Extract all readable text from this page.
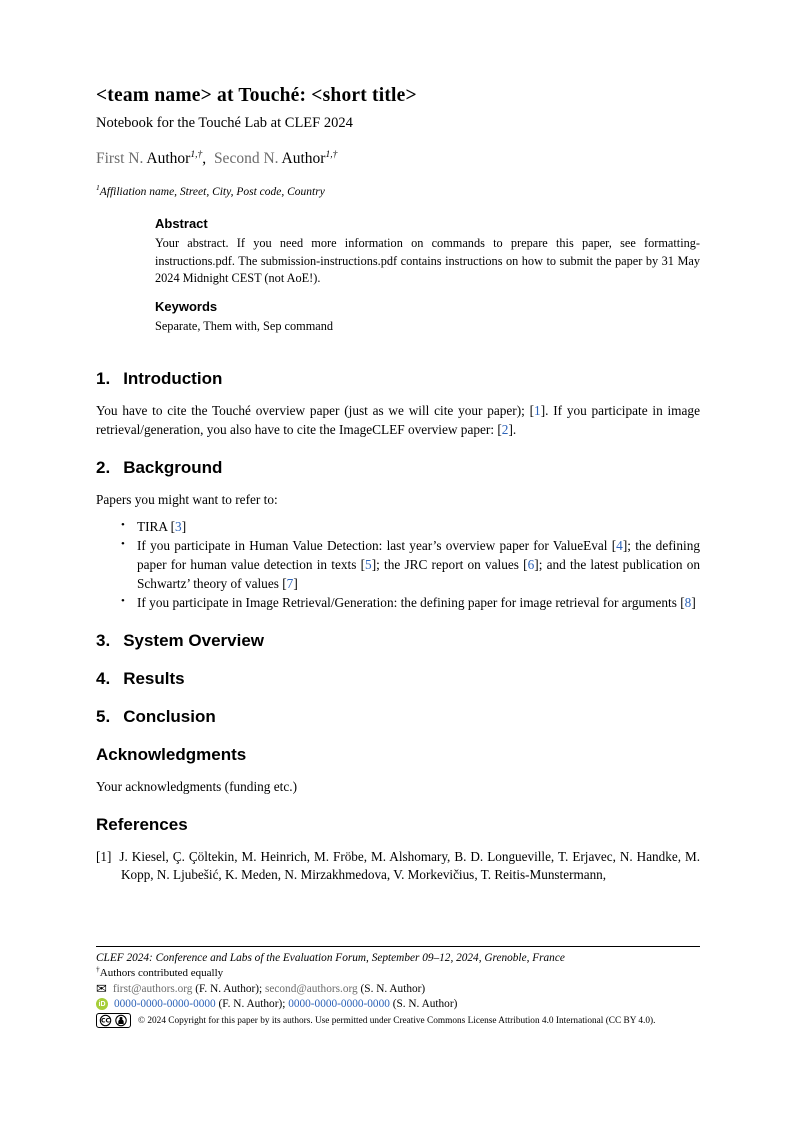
<team name> at Touché: <short title>
Notebook for the Touché Lab at CLEF 2024
First N. Author$^{1,\dagger}$, Second N. Author$^{1,\dagger}$
$^1$Affiliation name, Street, City, Post code, Country
Abstract

Your abstract. If you need more information on commands to prepare this paper, see formatting-instructions.pdf. The submission-instructions.pdf contains instructions on how to submit the paper by 31 May 2024 Midnight CEST (not AoE!).

Keywords

Separate, Them with, Sep command

1. Introduction

You have to cite the Touché overview paper (just as we will cite your paper); [1]. If you participate in image retrieval/generation, you also have to cite the ImageCLEF overview paper: [2].

2. Background

Papers you might want to refer to:

• TIRA [3]
• If you participate in Human Value Detection: last year’s overview paper for ValueEval [4]; the defining paper for human value detection in texts [5]; the JRC report on values [6]; and the latest publication on Schwartz’ theory of values [7]
• If you participate in Image Retrieval/Generation: the defining paper for image retrieval for arguments [8]
3. System Overview
4. Results
5. Conclusion
Acknowledgments

Your acknowledgments (funding etc.)

References
[1] J. Kiesel, Ç. Çöltekin, M. Heinrich, M. Fröbe, M. Alshomary, B. D. Longueville, T. Erjavec, N. Handke, M. Kopp, N. Ljubešić, K. Meden, N. Mirzakhmedova, V. Morkevičius, T. Reitis-Munstermann,
CLEF 2024: Conference and Labs of the Evaluation Forum, September 09–12, 2024, Grenoble, France
†Authors contributed equally
✉ first@authors.org (F. N. Author); second@authors.org (S. N. Author)
iD 0000-0000-0000-0000 (F. N. Author); 0000-0000-0000-0000 (S. N. Author)
CC	© 2024 Copyright for this paper by its authors. Use permitted under Creative Commons License Attribution 4.0 International (CC BY 4.0).
